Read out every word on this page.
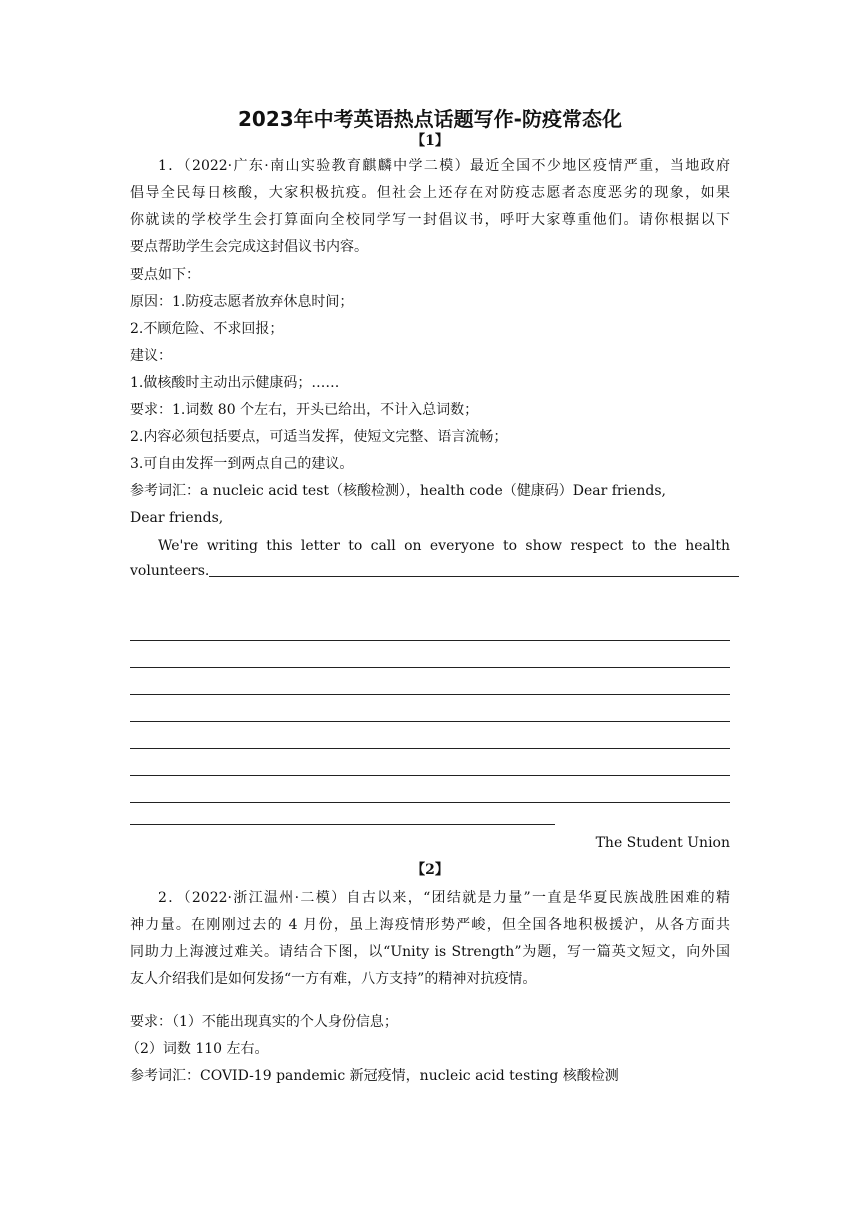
2023年中考英语热点话题写作-防疫常态化
【1】
1．（2022·广东·南山实验教育麒麟中学二模）最近全国不少地区疫情严重，当地政府
倡导全民每日核酸，大家积极抗疫。但社会上还存在对防疫志愿者态度恶劣的现象，如果
你就读的学校学生会打算面向全校同学写一封倡议书，呼吁大家尊重他们。请你根据以下
要点帮助学生会完成这封倡议书内容。
要点如下：
原因：1.防疫志愿者放弃休息时间；
2.不顾危险、不求回报；
建议：
1.做核酸时主动出示健康码；……
要求：1.词数 80 个左右，开头已给出，不计入总词数；
2.内容必须包括要点，可适当发挥，使短文完整、语言流畅；
3.可自由发挥一到两点自己的建议。
参考词汇：a nucleic acid test（核酸检测），health code（健康码）Dear friends,
Dear friends,
We're writing this letter to call on everyone to show respect to the health
volunteers.
The Student Union
【2】
2．（2022·浙江温州·二模）自古以来，“团结就是力量”一直是华夏民族战胜困难的精
神力量。在刚刚过去的 4 月份，虽上海疫情形势严峻，但全国各地积极援沪，从各方面共
同助力上海渡过难关。请结合下图，以“Unity is Strength”为题，写一篇英文短文，向外国
友人介绍我们是如何发扬“一方有难，八方支持”的精神对抗疫情。
要求：（1）不能出现真实的个人身份信息；
（2）词数 110 左右。
参考词汇：COVID-19 pandemic 新冠疫情，nucleic acid testing 核酸检测
